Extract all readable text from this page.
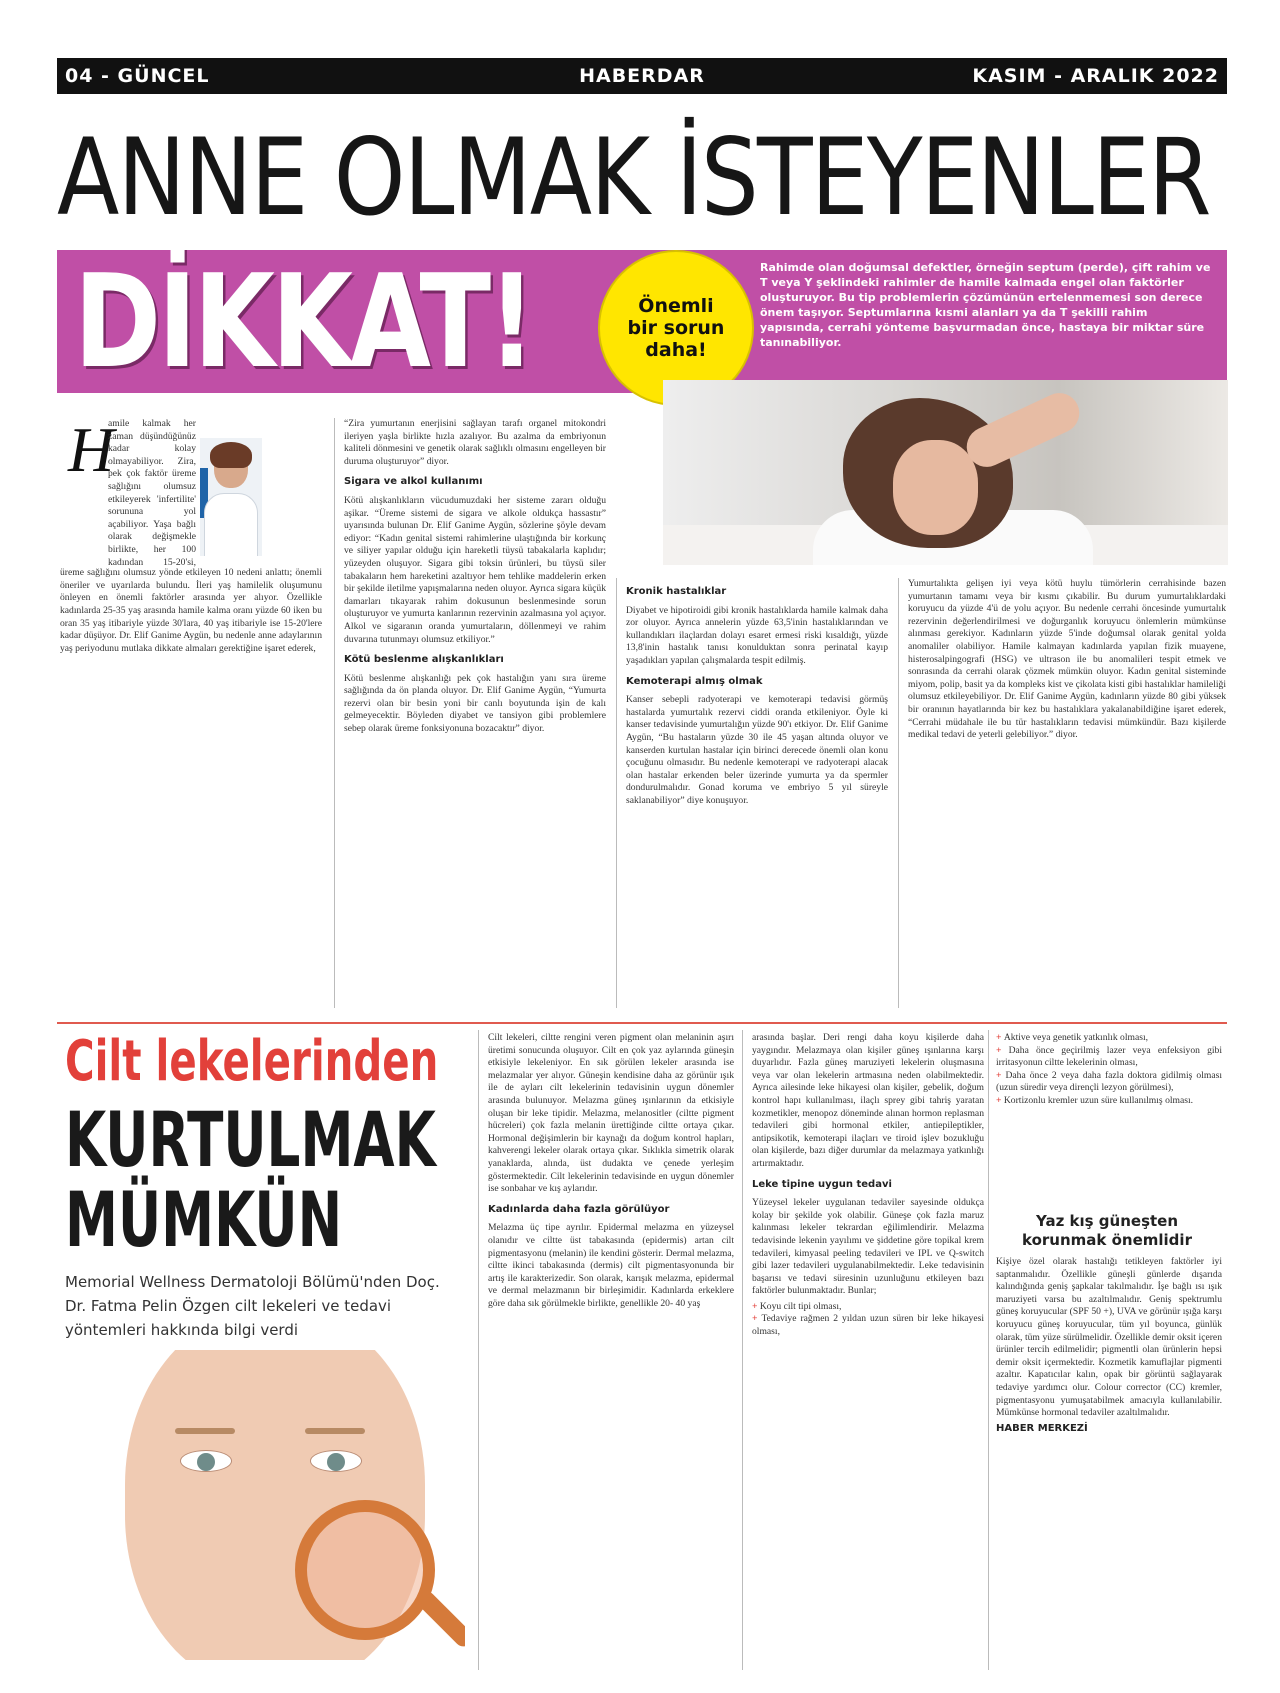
04 - GÜNCEL	HABERDAR	KASIM - ARALIK 2022
ANNE OLMAK İSTEYENLER
DİKKAT!	Önemli bir sorun daha!
Rahimde olan doğumsal defektler, örneğin septum (perde), çift rahim ve T veya Y şeklindeki rahimler de hamile kalmada engel olan faktörler oluşturuyor. Bu tip problemlerin çözümünün ertelenmemesi son derece önem taşıyor. Septumlarına kısmi alanları ya da T şekilli rahim yapısında, cerrahi yönteme başvurmadan önce, hastaya bir miktar süre tanınabiliyor.
H

amile kalmak her zaman düşündüğünüz kadar kolay olmayabiliyor. Zira, pek çok faktör üreme sağlığını olumsuz etkileyerek 'infertilite' sorununa yol açabiliyor. Yaşa bağlı olarak değişmekle birlikte, her 100 kadından 15-20'si,

üreme sağlığını olumsuz yönde etkileyen 10 nedeni anlattı; önemli öneriler ve uyarılarda bulundu. İleri yaş hamilelik oluşumunu önleyen en önemli faktörler arasında yer alıyor. Özellikle kadınlarda 25-35 yaş arasında hamile kalma oranı yüzde 60 iken bu oran 35 yaş itibariyle yüzde 30'lara, 40 yaş itibariyle ise 15-20'lere kadar düşüyor. Dr. Elif Ganime Aygün, bu nedenle anne adaylarının yaş periyodunu mutlaka dikkate almaları gerektiğine işaret ederek,

“Zira yumurtanın enerjisini sağlayan tarafı organel mitokondri ileriyen yaşla birlikte hızla azalıyor. Bu azalma da embriyonun kaliteli dönmesini ve genetik olarak sağlıklı olmasını engelleyen bir duruma oluşturuyor” diyor.

Sigara ve alkol kullanımı

Kötü alışkanlıkların vücudumuzdaki her sisteme zararı olduğu aşikar. “Üreme sistemi de sigara ve alkole oldukça hassastır” uyarısında bulunan Dr. Elif Ganime Aygün, sözlerine şöyle devam ediyor: “Kadın genital sistemi rahimlerine ulaştığında bir korkunç ve siliyer yapılar olduğu için hareketli tüysü tabakalarla kaplıdır; yüzeyden oluşuyor. Sigara gibi toksin ürünleri, bu tüysü siler tabakaların hem hareketini azaltıyor hem tehlike maddelerin erken bir şekilde iletilme yapışmalarına neden oluyor. Ayrıca sigara küçük damarları tıkayarak rahim dokusunun beslenmesinde sorun oluşturuyor ve yumurta kanlarının rezervinin azalmasına yol açıyor. Alkol ve sigaranın oranda yumurtaların, döllenmeyi ve rahim duvarına tutunmayı olumsuz etkiliyor.”

Kötü beslenme alışkanlıkları

Kötü beslenme alışkanlığı pek çok hastalığın yanı sıra üreme sağlığında da ön planda oluyor. Dr. Elif Ganime Aygün, “Yumurta rezervi olan bir besin yoni bir canlı boyutunda işin de kalı gelmeyecektir. Böyleden diyabet ve tansiyon gibi problemlere sebep olarak üreme fonksiyonuna bozacaktır” diyor.

Kronik hastalıklar

Diyabet ve hipotiroidi gibi kronik hastalıklarda hamile kalmak daha zor oluyor. Ayrıca annelerin yüzde 63,5'inin hastalıklarından ve kullandıkları ilaçlardan dolayı esaret ermesi riski kısaldığı, yüzde 13,8'inin hastalık tanısı konulduktan sonra perinatal kayıp yaşadıkları yapılan çalışmalarda tespit edilmiş.

Kemoterapi almış olmak

Kanser sebepli radyoterapi ve kemoterapi tedavisi görmüş hastalarda yumurtalık rezervi ciddi oranda etkileniyor. Öyle ki kanser tedavisinde yumurtalığın yüzde 90'ı etkiyor. Dr. Elif Ganime Aygün, “Bu hastaların yüzde 30 ile 45 yaşan altında oluyor ve kanserden kurtulan hastalar için birinci derecede önemli olan konu çocuğunu olmasıdır. Bu nedenle kemoterapi ve radyoterapi alacak olan hastalar erkenden beler üzerinde yumurta ya da spermler dondurulmalıdır. Gonad koruma ve embriyo 5 yıl süreyle saklanabiliyor” diye konuşuyor.

Yumurtalıkta gelişen iyi veya kötü huylu tümörlerin cerrahisinde bazen yumurtanın tamamı veya bir kısmı çıkabilir. Bu durum yumurtalıklardaki koruyucu da yüzde 4'ü de yolu açıyor. Bu nedenle cerrahi öncesinde yumurtalık rezervinin değerlendirilmesi ve doğurganlık koruyucu önlemlerin mümkünse alınması gerekiyor. Kadınların yüzde 5'inde doğumsal olarak genital yolda anomaliler olabiliyor. Hamile kalmayan kadınlarda yapılan fizik muayene, histerosalpingografi (HSG) ve ultrason ile bu anomalileri tespit etmek ve sonrasında da cerrahi olarak çözmek mümkün oluyor. Kadın genital sisteminde miyom, polip, basit ya da kompleks kist ve çikolata kisti gibi hastalıklar hamileliği olumsuz etkileyebiliyor. Dr. Elif Ganime Aygün, kadınların yüzde 80 gibi yüksek bir oranının hayatlarında bir kez bu hastalıklara yakalanabildiğine işaret ederek, “Cerrahi müdahale ile bu tür hastalıkların tedavisi mümkündür. Bazı kişilerde medikal tedavi de yeterli gelebiliyor.” diyor.

Cilt lekelerinden
KURTULMAK
MÜMKÜN
Memorial Wellness Dermatoloji Bölümü'nden Doç. Dr. Fatma Pelin Özgen cilt lekeleri ve tedavi yöntemleri hakkında bilgi verdi

Cilt lekeleri, ciltte rengini veren pigment olan melaninin aşırı üretimi sonucunda oluşuyor. Cilt en çok yaz aylarında güneşin etkisiyle lekeleniyor. En sık görülen lekeler arasında ise melazmalar yer alıyor. Güneşin kendisine daha az görünür ışık ile de ayları cilt lekelerinin tedavisinin uygun dönemler arasında bulunuyor. Melazma güneş ışınlarının da etkisiyle oluşan bir leke tipidir. Melazma, melanositler (ciltte pigment hücreleri) çok fazla melanin ürettiğinde ciltte ortaya çıkar. Hormonal değişimlerin bir kaynağı da doğum kontrol hapları, kahverengi lekeler olarak ortaya çıkar. Sıklıkla simetrik olarak yanaklarda, alında, üst dudakta ve çenede yerleşim göstermektedir. Cilt lekelerinin tedavisinde en uygun dönemler ise sonbahar ve kış aylarıdır.

Kadınlarda daha fazla görülüyor

Melazma üç tipe ayrılır. Epidermal melazma en yüzeysel olanıdır ve ciltte üst tabakasında (epidermis) artan cilt pigmentasyonu (melanin) ile kendini gösterir. Dermal melazma, ciltte ikinci tabakasında (dermis) cilt pigmentasyonunda bir artış ile karakterizedir. Son olarak, karışık melazma, epidermal ve dermal melazmanın bir birleşimidir. Kadınlarda erkeklere göre daha sık görülmekle birlikte, genellikle 20- 40 yaş

arasında başlar. Deri rengi daha koyu kişilerde daha yaygındır. Melazmaya olan kişiler güneş ışınlarına karşı duyarlıdır. Fazla güneş maruziyeti lekelerin oluşmasına veya var olan lekelerin artmasına neden olabilmektedir. Ayrıca ailesinde leke hikayesi olan kişiler, gebelik, doğum kontrol hapı kullanılması, ilaçlı sprey gibi tahriş yaratan kozmetikler, menopoz döneminde alınan hormon replasman tedavileri gibi hormonal etkiler, antiepileptikler, antipsikotik, kemoterapi ilaçları ve tiroid işlev bozukluğu olan kişilerde, bazı diğer durumlar da melazmaya yatkınlığı artırmaktadır.

Leke tipine uygun tedavi

Yüzeysel lekeler uygulanan tedaviler sayesinde oldukça kolay bir şekilde yok olabilir. Güneşe çok fazla maruz kalınması lekeler tekrardan eğilimlendirir. Melazma tedavisinde lekenin yayılımı ve şiddetine göre topikal krem tedavileri, kimyasal peeling tedavileri ve IPL ve Q-switch gibi lazer tedavileri uygulanabilmektedir. Leke tedavisinin başarısı ve tedavi süresinin uzunluğunu etkileyen bazı faktörler bulunmaktadır. Bunlar;

+ Koyu cilt tipi olması,
+ Tedaviye rağmen 2 yıldan uzun süren bir leke hikayesi olması,
+ Aktive veya genetik yatkınlık olması,
+ Daha önce geçirilmiş lazer veya enfeksiyon gibi irritasyonun ciltte lekelerinin olması,
+ Daha önce 2 veya daha fazla doktora gidilmiş olması (uzun süredir veya dirençli lezyon görülmesi),
+ Kortizonlu kremler uzun süre kullanılmış olması.
Yaz kış güneşten korunmak önemlidir

Kişiye özel olarak hastalığı tetikleyen faktörler iyi saptanmalıdır. Özellikle güneşli günlerde dışarıda kalındığında geniş şapkalar takılmalıdır. İşe bağlı ısı ışık maruziyeti varsa bu azaltılmalıdır. Geniş spektrumlu güneş koruyucular (SPF 50 +), UVA ve görünür ışığa karşı koruyucu güneş koruyucular, tüm yıl boyunca, günlük olarak, tüm yüze sürülmelidir. Özellikle demir oksit içeren ürünler tercih edilmelidir; pigmentli olan ürünlerin hepsi demir oksit içermektedir. Kozmetik kamuflajlar pigmenti azaltır. Kapatıcılar kalın, opak bir görüntü sağlayarak tedaviye yardımcı olur. Colour corrector (CC) kremler, pigmentasyonu yumuşatabilmek amacıyla kullanılabilir. Mümkünse hormonal tedaviler azaltılmalıdır.

HABER MERKEZİ
